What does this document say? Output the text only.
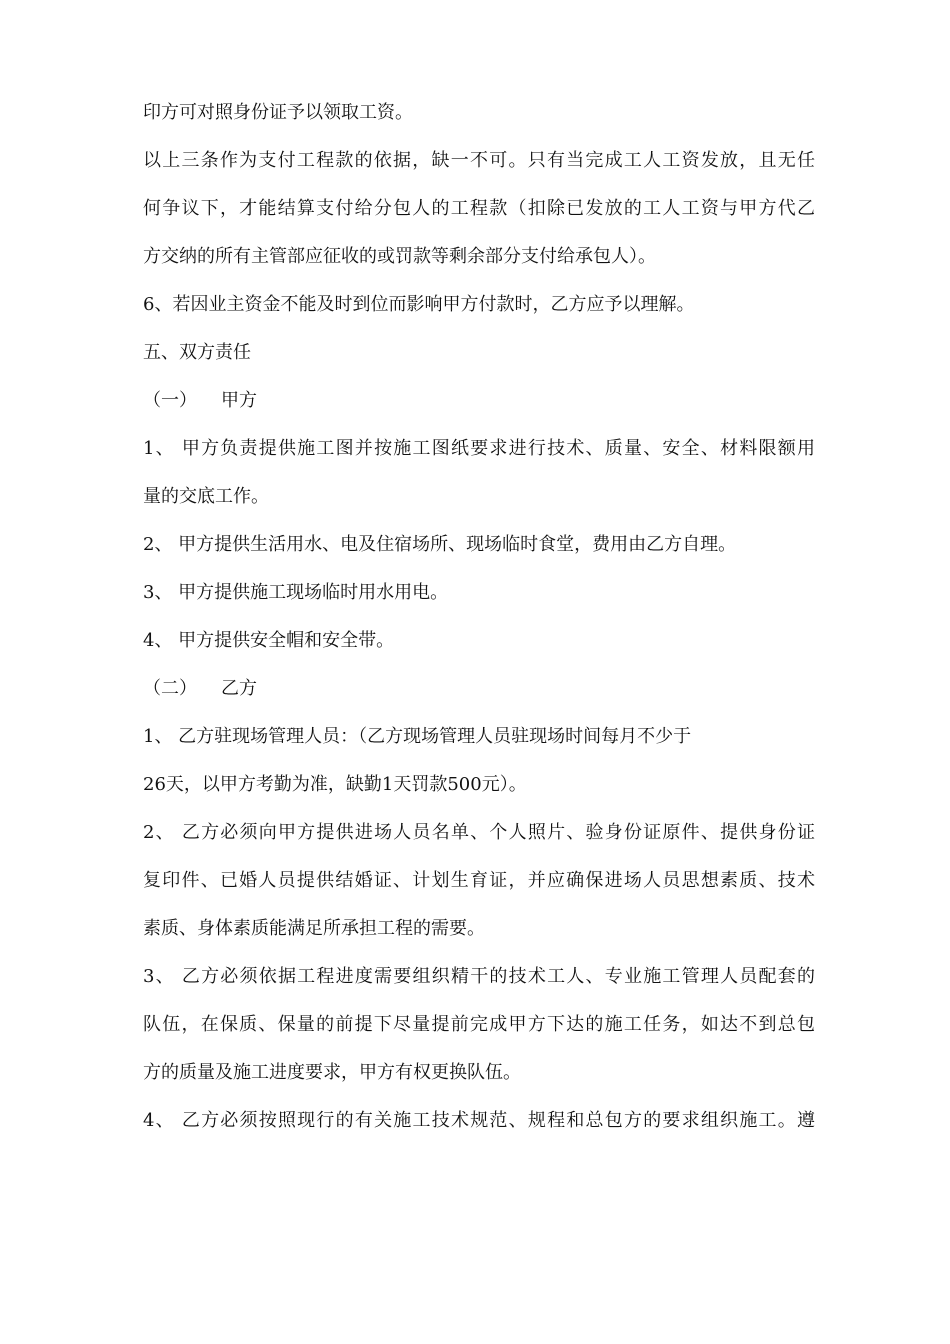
印方可对照身份证予以领取工资。

以上三条作为支付工程款的依据，缺一不可。只有当完成工人工资发放，且无任

何争议下，才能结算支付给分包人的工程款（扣除已发放的工人工资与甲方代乙

方交纳的所有主管部应征收的或罚款等剩余部分支付给承包人）。

6、若因业主资金不能及时到位而影响甲方付款时，乙方应予以理解。

五、双方责任

（一） 甲方

1、 甲方负责提供施工图并按施工图纸要求进行技术、质量、安全、材料限额用

量的交底工作。

2、 甲方提供生活用水、电及住宿场所、现场临时食堂，费用由乙方自理。

3、 甲方提供施工现场临时用水用电。

4、 甲方提供安全帽和安全带。

（二） 乙方

1、 乙方驻现场管理人员：（乙方现场管理人员驻现场时间每月不少于

26天，以甲方考勤为准，缺勤1天罚款500元）。

2、 乙方必须向甲方提供进场人员名单、个人照片、验身份证原件、提供身份证

复印件、已婚人员提供结婚证、计划生育证，并应确保进场人员思想素质、技术

素质、身体素质能满足所承担工程的需要。

3、 乙方必须依据工程进度需要组织精干的技术工人、专业施工管理人员配套的

队伍，在保质、保量的前提下尽量提前完成甲方下达的施工任务，如达不到总包

方的质量及施工进度要求，甲方有权更换队伍。

4、 乙方必须按照现行的有关施工技术规范、规程和总包方的要求组织施工。遵
